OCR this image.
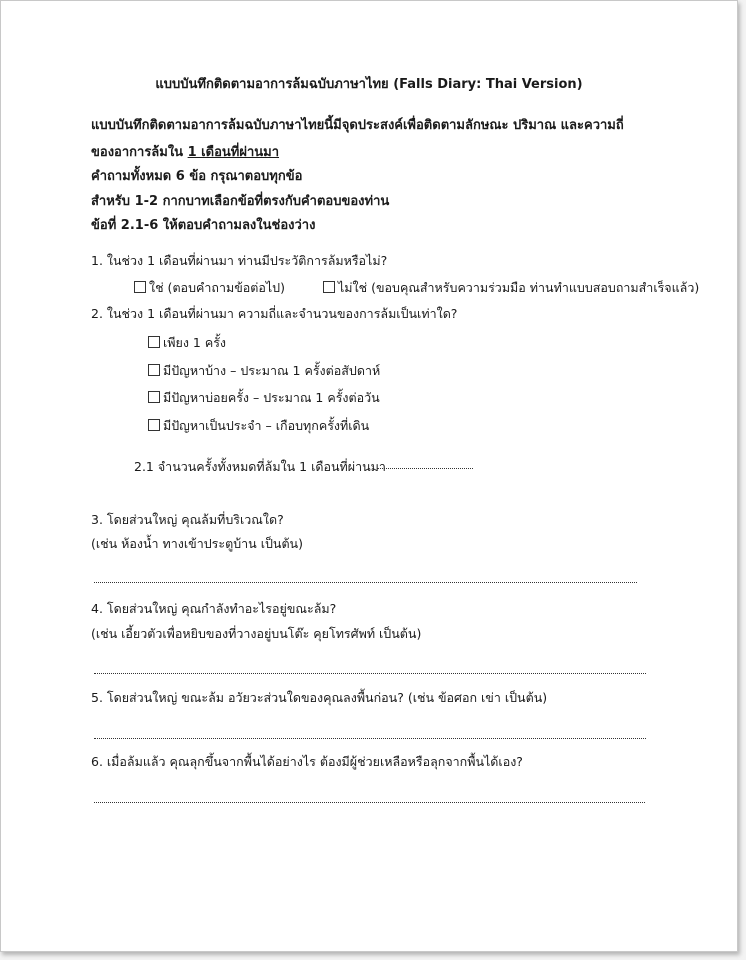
แบบบันทึกติดตามอาการล้มฉบับภาษาไทย (Falls Diary: Thai Version)
แบบบันทึกติดตามอาการล้มฉบับภาษาไทยนี้มีจุดประสงค์เพื่อติดตามลักษณะ ปริมาณ และความถี่
ของอาการล้มใน 1 เดือนที่ผ่านมา
คำถามทั้งหมด 6 ข้อ กรุณาตอบทุกข้อ
สำหรับ 1-2 กากบาทเลือกข้อที่ตรงกับคำตอบของท่าน
ข้อที่ 2.1-6 ให้ตอบคำถามลงในช่องว่าง
1. ในช่วง 1 เดือนที่ผ่านมา ท่านมีประวัติการล้มหรือไม่?
ใช่ (ตอบคำถามข้อต่อไป)	ไม่ใช่ (ขอบคุณสำหรับความร่วมมือ ท่านทำแบบสอบถามสำเร็จแล้ว)
2. ในช่วง 1 เดือนที่ผ่านมา ความถี่และจำนวนของการล้มเป็นเท่าใด?
เพียง 1 ครั้ง
มีปัญหาบ้าง – ประมาณ 1 ครั้งต่อสัปดาห์
มีปัญหาบ่อยครั้ง – ประมาณ 1 ครั้งต่อวัน
มีปัญหาเป็นประจำ – เกือบทุกครั้งที่เดิน
2.1 จำนวนครั้งทั้งหมดที่ล้มใน 1 เดือนที่ผ่านมา
3. โดยส่วนใหญ่ คุณล้มที่บริเวณใด?
(เช่น ห้องน้ำ ทางเข้าประตูบ้าน เป็นต้น)
4. โดยส่วนใหญ่ คุณกำลังทำอะไรอยู่ขณะล้ม?
(เช่น เอี้ยวตัวเพื่อหยิบของที่วางอยู่บนโต๊ะ คุยโทรศัพท์ เป็นต้น)
5. โดยส่วนใหญ่ ขณะล้ม อวัยวะส่วนใดของคุณลงพื้นก่อน? (เช่น ข้อศอก เข่า เป็นต้น)
6. เมื่อล้มแล้ว คุณลุกขึ้นจากพื้นได้อย่างไร ต้องมีผู้ช่วยเหลือหรือลุกจากพื้นได้เอง?
